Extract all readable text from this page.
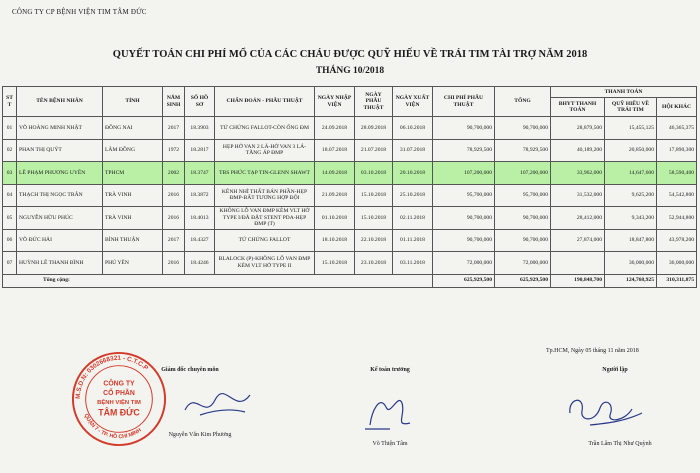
CÔNG TY CP BỆNH VIỆN TIM TÂM ĐỨC
QUYẾT TOÁN CHI PHÍ MỔ CỦA CÁC CHÁU ĐƯỢC QUỸ HIẾU VỀ TRÁI TIM TÀI TRỢ NĂM 2018
THÁNG 10/2018
ST T	TÊN BỆNH NHÂN	TỈNH	NĂM SINH	SỐ HỒ SƠ	CHẨN ĐOÁN - PHẪU THUẬT	NGÀY NHẬP VIỆN	NGÀY PHẪU THUẬT	NGÀY XUẤT VIỆN	CHI PHÍ PHẪU THUẬT	TỔNG	THANH TOÁN		
											BHYT THANH TOÁN	QUỸ HIẾU VỀ TRÁI TIM	HỘI KHÁC
01	VÕ HOÀNG MINH NHẬT	ĐỒNG NAI	2017	18.3903	TỨ CHỨNG FALLOT-CÒN ỐNG ĐM	24.09.2018	28.09.2018	06.10.2018	90,700,000	90,700,000	28,879,500	15,455,125	46,365,375
02	PHAN THỊ QUÝT	LÂM ĐỒNG	1972	18.2817	HẸP HỞ VAN 2 LÁ-HỞ VAN 3 LÁ-TĂNG ÁP ĐMP	18.07.2018	21.07.2018	31.07.2018	78,929,500	78,929,500	40,189,200	20,850,000	17,890,300
03	LÊ PHẠM PHƯƠNG UYÊN	TPHCM	2002	18.3747	TBS PHỨC TẠP TIN-GLENN SHAWT	14.09.2018	03.10.2018	20.10.2018	107,200,000	107,200,000	33,962,000	14,647,600	58,590,400
04	THẠCH THỊ NGỌC TRÂN	TRÀ VINH	2016	18.3872	KÊNH NHĨ THẤT BÁN PHẦN-HẸP ĐMP-BẤT TƯƠNG HỢP ĐỘI	21.09.2018	15.10.2018	25.10.2018	95,700,000	95,700,000	31,532,000	9,625,200	54,542,800
05	NGUYỄN HỮU PHÚC	TRÀ VINH	2016	18.4013	KHÔNG LỖ VAN ĐMP KÈM VLT HỞ TYPE I/ĐÃ ĐẶT STENT PDA-HẸP ĐMP (T)	01.10.2018	15.10.2018	02.11.2018	90,700,000	90,700,000	28,412,000	9,343,200	52,944,800
06	VÕ ĐỨC HẢI	BÌNH THUẬN	2017	18.4327	TỨ CHỨNG FALLOT	18.10.2018	22.10.2018	01.11.2018	90,700,000	90,700,000	27,874,000	18,847,800	43,978,200
07	HUỲNH LÊ THANH BÌNH	PHÚ YÊN	2016	18.4246	BLALOCK (P)-KHÔNG LỖ VAN ĐMP KÈM VLT HỞ TYPE II	15.10.2018	23.10.2018	03.11.2018	72,000,000	72,000,000		36,000,000	36,000,000
Tổng cộng:									625,929,500	625,929,500	190,848,700	124,768,925	310,311,875
Tp.HCM, Ngày 05 tháng 11 năm 2018
Giám đốc chuyên môn
Nguyễn Văn Kim Phương
Kế toán trưởng
Võ Thiện Tâm
Người lập
Trần Lâm Thị Như Quỳnh
M.S.D.N: 0302668321 - C.T.C.P
QUẬN 7 - TP. HỒ CHÍ MINH
CÔNG TY
CỔ PHẦN
BỆNH VIỆN TIM
TÂM ĐỨC
